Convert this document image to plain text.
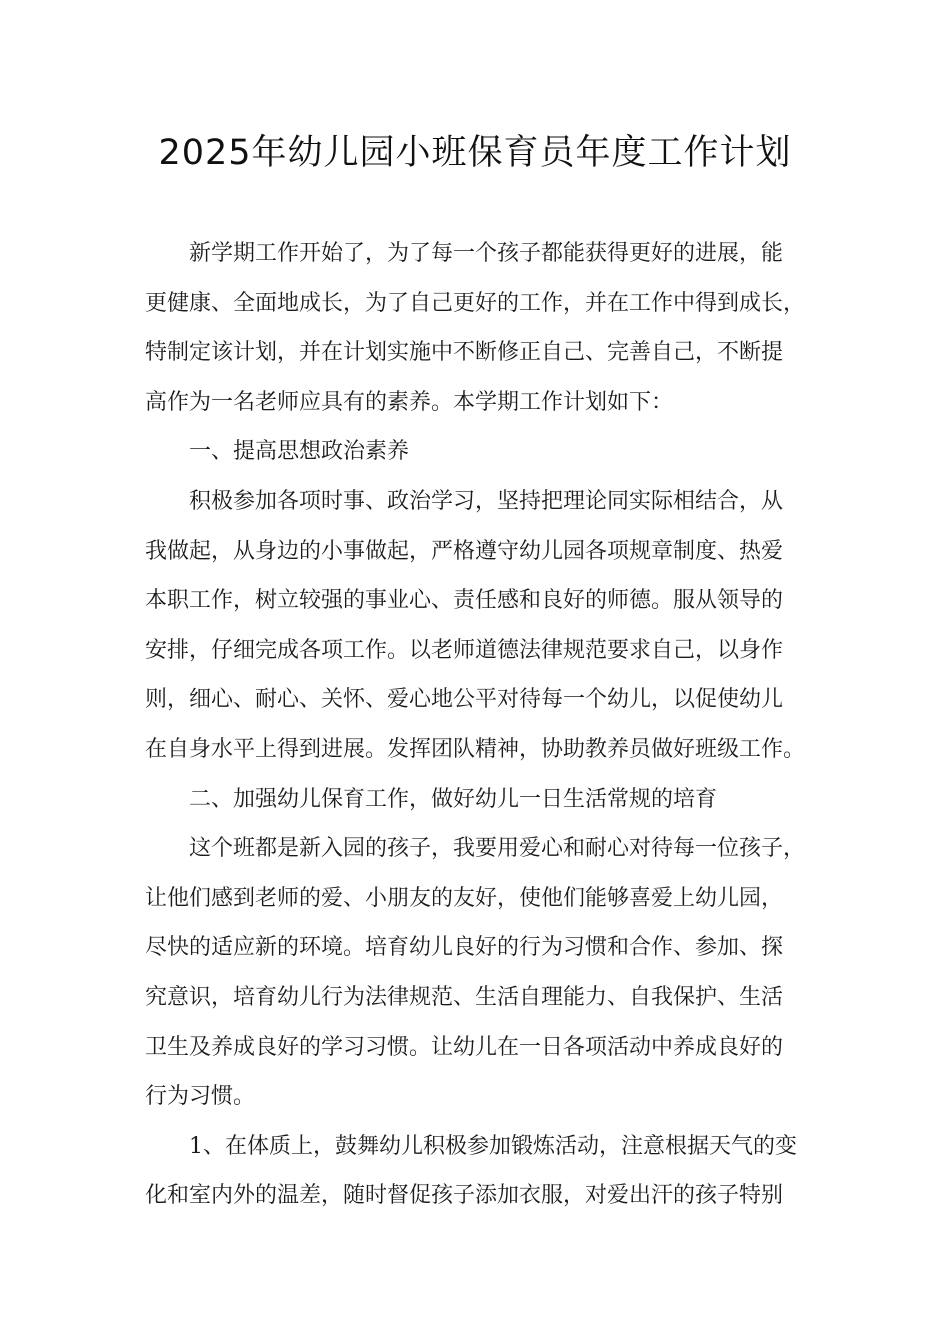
2025年幼儿园小班保育员年度工作计划
新学期工作开始了，为了每一个孩子都能获得更好的进展，能
更健康、全面地成长，为了自己更好的工作，并在工作中得到成长，
特制定该计划，并在计划实施中不断修正自己、完善自己，不断提
高作为一名老师应具有的素养。本学期工作计划如下：
一、提高思想政治素养
积极参加各项时事、政治学习，坚持把理论同实际相结合，从
我做起，从身边的小事做起，严格遵守幼儿园各项规章制度、热爱
本职工作，树立较强的事业心、责任感和良好的师德。服从领导的
安排，仔细完成各项工作。以老师道德法律规范要求自己，以身作
则，细心、耐心、关怀、爱心地公平对待每一个幼儿，以促使幼儿
在自身水平上得到进展。发挥团队精神，协助教养员做好班级工作。
二、加强幼儿保育工作，做好幼儿一日生活常规的培育
这个班都是新入园的孩子，我要用爱心和耐心对待每一位孩子，
让他们感到老师的爱、小朋友的友好，使他们能够喜爱上幼儿园，
尽快的适应新的环境。培育幼儿良好的行为习惯和合作、参加、探
究意识，培育幼儿行为法律规范、生活自理能力、自我保护、生活
卫生及养成良好的学习习惯。让幼儿在一日各项活动中养成良好的
行为习惯。
1、在体质上，鼓舞幼儿积极参加锻炼活动，注意根据天气的变
化和室内外的温差，随时督促孩子添加衣服，对爱出汗的孩子特别
